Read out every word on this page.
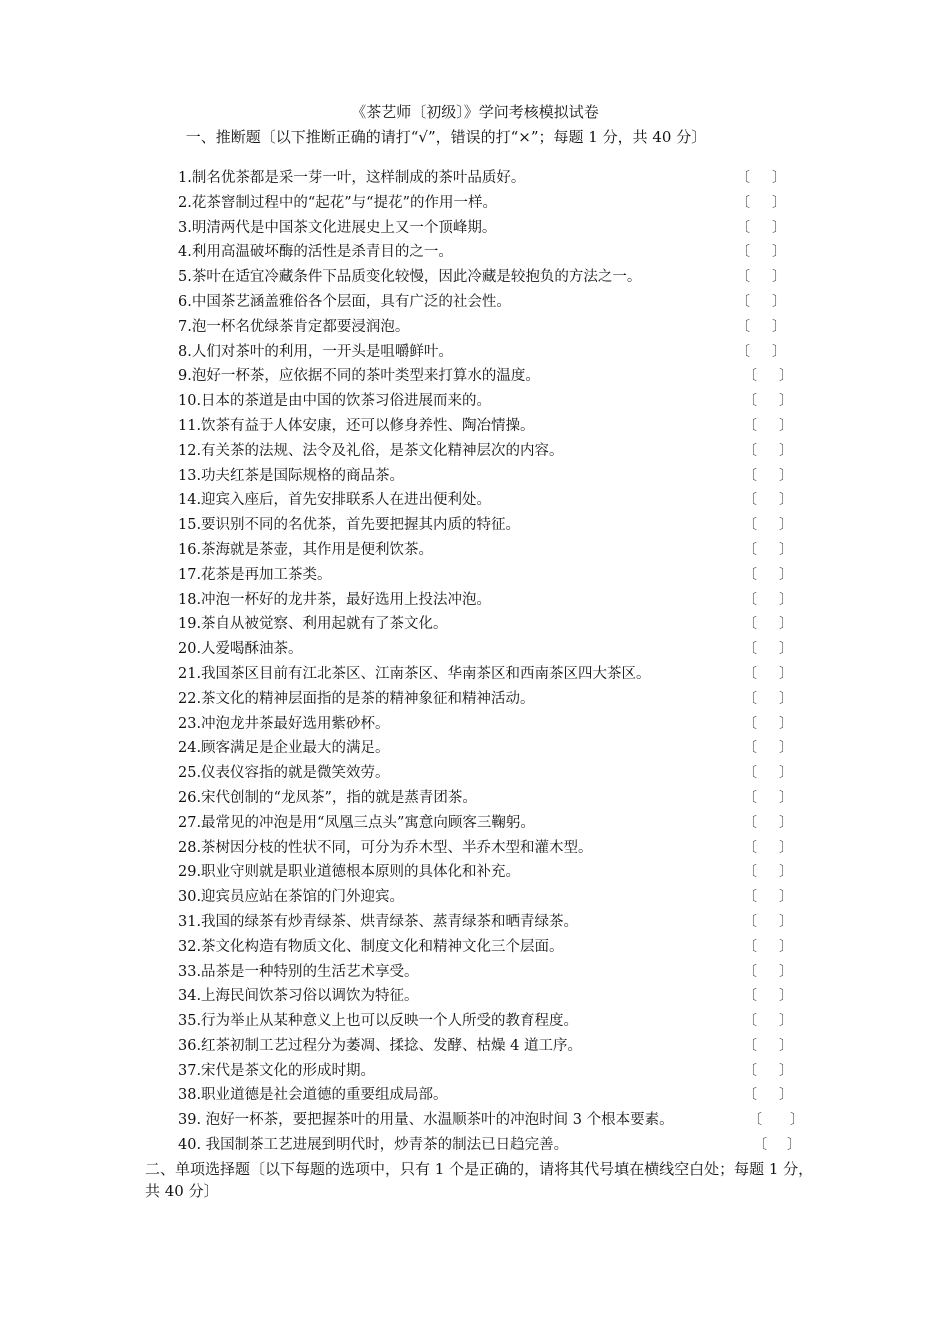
《茶艺师〔初级〕》学问考核模拟试卷
一、推断题〔以下推断正确的请打“√”，错误的打“×”；每题 1 分，共 40 分〕
1.制名优茶都是采一芽一叶，这样制成的茶叶品质好。	〔 〕
2.花茶窨制过程中的“起花”与“提花”的作用一样。	〔 〕
3.明清两代是中国茶文化进展史上又一个顶峰期。	〔 〕
4.利用高温破坏酶的活性是杀青目的之一。	〔 〕
5.茶叶在适宜冷藏条件下品质变化较慢，因此冷藏是较抱负的方法之一。	〔 〕
6.中国茶艺涵盖雅俗各个层面，具有广泛的社会性。	〔 〕
7.泡一杯名优绿茶肯定都要浸润泡。	〔 〕
8.人们对茶叶的利用，一开头是咀嚼鲜叶。	〔 〕
9.泡好一杯茶，应依据不同的茶叶类型来打算水的温度。	〔 〕
10.日本的茶道是由中国的饮茶习俗进展而来的。	〔 〕
11.饮茶有益于人体安康，还可以修身养性、陶冶情操。	〔 〕
12.有关茶的法规、法令及礼俗，是茶文化精神层次的内容。	〔 〕
13.功夫红茶是国际规格的商品茶。	〔 〕
14.迎宾入座后，首先安排联系人在进出便利处。	〔 〕
15.要识别不同的名优茶，首先要把握其内质的特征。	〔 〕
16.茶海就是茶壶，其作用是便利饮茶。	〔 〕
17.花茶是再加工茶类。	〔 〕
18.冲泡一杯好的龙井茶，最好选用上投法冲泡。	〔 〕
19.茶自从被觉察、利用起就有了茶文化。	〔 〕
20.人爱喝酥油茶。	〔 〕
21.我国茶区目前有江北茶区、江南茶区、华南茶区和西南茶区四大茶区。	〔 〕
22.茶文化的精神层面指的是茶的精神象征和精神活动。	〔 〕
23.冲泡龙井茶最好选用紫砂杯。	〔 〕
24.顾客满足是企业最大的满足。	〔 〕
25.仪表仪容指的就是微笑效劳。	〔 〕
26.宋代创制的“龙凤茶”，指的就是蒸青团茶。	〔 〕
27.最常见的冲泡是用“凤凰三点头”寓意向顾客三鞠躬。	〔 〕
28.茶树因分枝的性状不同，可分为乔木型、半乔木型和灌木型。	〔 〕
29.职业守则就是职业道德根本原则的具体化和补充。	〔 〕
30.迎宾员应站在茶馆的门外迎宾。	〔 〕
31.我国的绿茶有炒青绿茶、烘青绿茶、蒸青绿茶和晒青绿茶。	〔 〕
32.茶文化构造有物质文化、制度文化和精神文化三个层面。	〔 〕
33.品茶是一种特别的生活艺术享受。	〔 〕
34.上海民间饮茶习俗以调饮为特征。	〔 〕
35.行为举止从某种意义上也可以反映一个人所受的教育程度。	〔 〕
36.红茶初制工艺过程分为萎凋、揉捻、发酵、枯燥 4 道工序。	〔 〕
37.宋代是茶文化的形成时期。	〔 〕
38.职业道德是社会道德的重要组成局部。	〔 〕
39. 泡好一杯茶，要把握茶叶的用量、水温顺茶叶的冲泡时间 3 个根本要素。	〔 〕
40. 我国制茶工艺进展到明代时，炒青茶的制法已日趋完善。	〔 〕
二、单项选择题〔以下每题的选项中，只有 1 个是正确的，请将其代号填在横线空白处；每题 1 分，共 40 分〕
